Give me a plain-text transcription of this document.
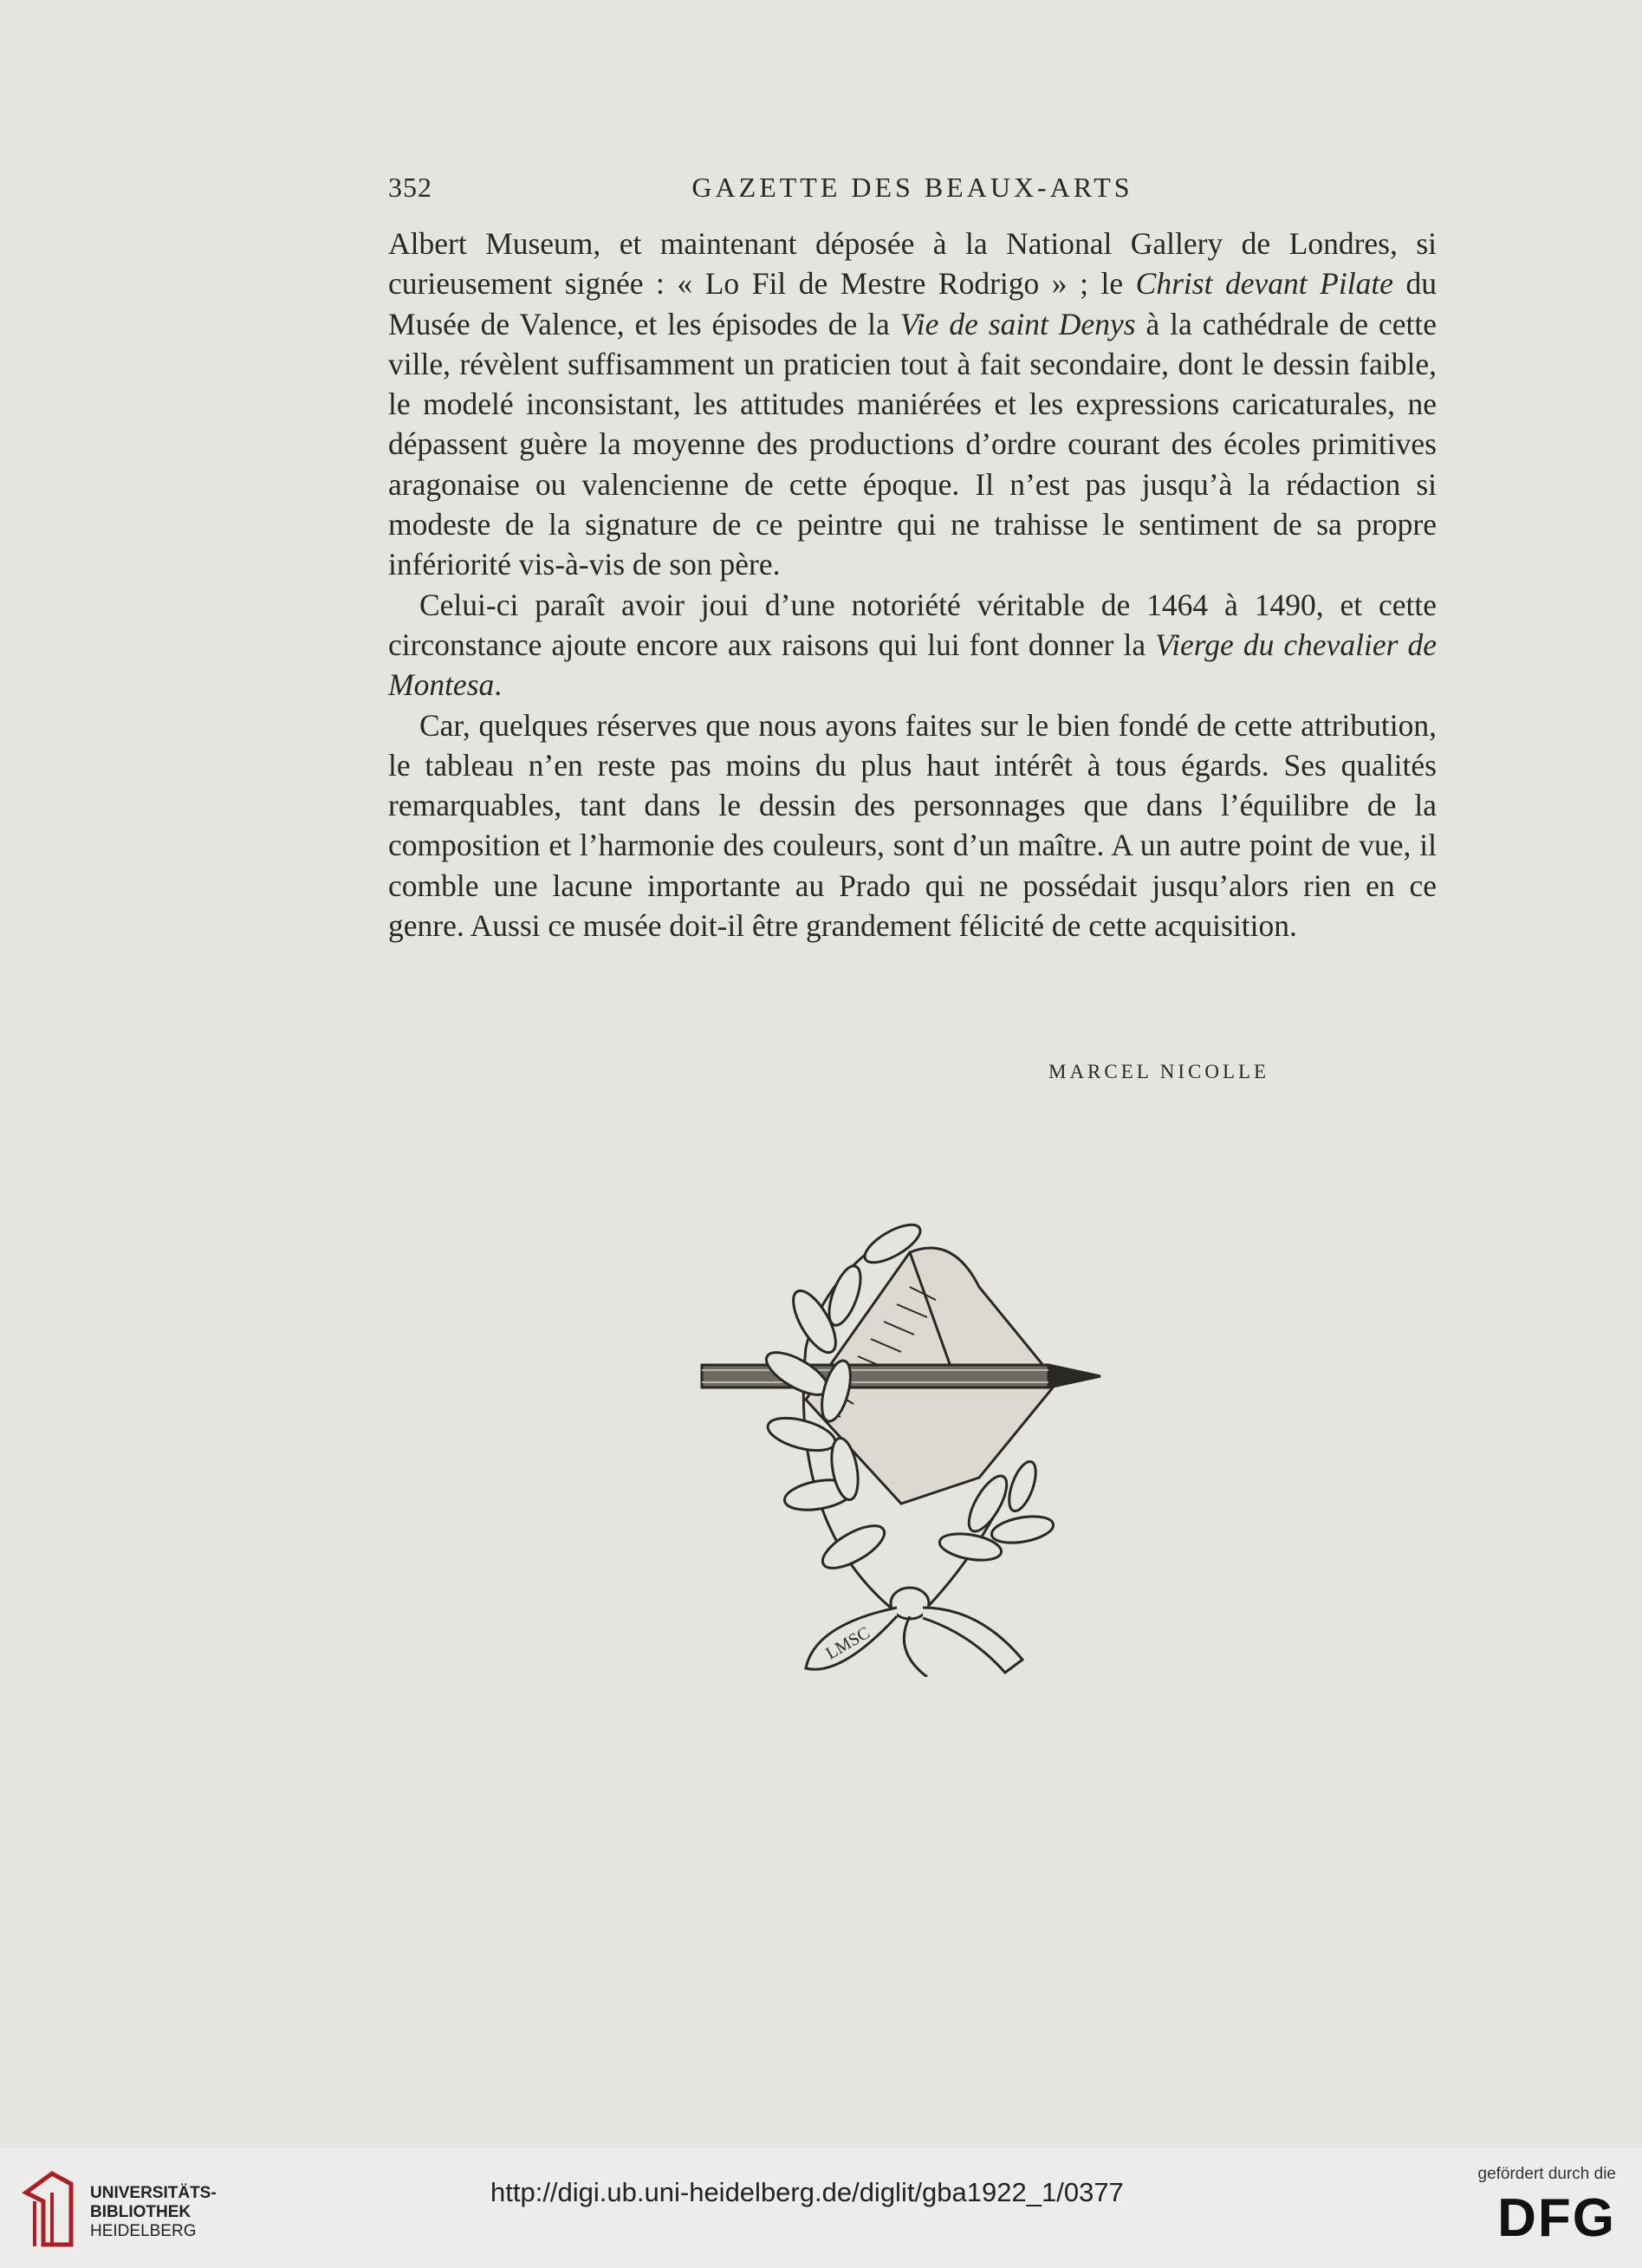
352	GAZETTE DES BEAUX-ARTS

Albert Museum, et maintenant déposée à la National Gallery de Londres, si curieusement signée : « Lo Fil de Mestre Rodrigo » ; le Christ devant Pilate du Musée de Valence, et les épisodes de la Vie de saint Denys à la cathédrale de cette ville, révèlent suffisamment un praticien tout à fait secondaire, dont le dessin faible, le modelé inconsistant, les attitudes maniérées et les expressions caricaturales, ne dépassent guère la moyenne des productions d’ordre courant des écoles primitives aragonaise ou valencienne de cette époque. Il n’est pas jusqu’à la rédaction si modeste de la signature de ce peintre qui ne trahisse le sentiment de sa propre infériorité vis-à-vis de son père.

Celui-ci paraît avoir joui d’une notoriété véritable de 1464 à 1490, et cette circonstance ajoute encore aux raisons qui lui font donner la Vierge du chevalier de Montesa.

Car, quelques réserves que nous ayons faites sur le bien fondé de cette attribution, le tableau n’en reste pas moins du plus haut intérêt à tous égards. Ses qualités remarquables, tant dans le dessin des personnages que dans l’équilibre de la composition et l’harmonie des couleurs, sont d’un maître. A un autre point de vue, il comble une lacune importante au Prado qui ne possédait jusqu’alors rien en ce genre. Aussi ce musée doit-il être grandement félicité de cette acquisition.

MARCEL NICOLLE
LMSC
UNIVERSITÄTS-
BIBLIOTHEK
HEIDELBERG
http://digi.ub.uni-heidelberg.de/diglit/gba1922_1/0377
gefördert durch die
DFG
